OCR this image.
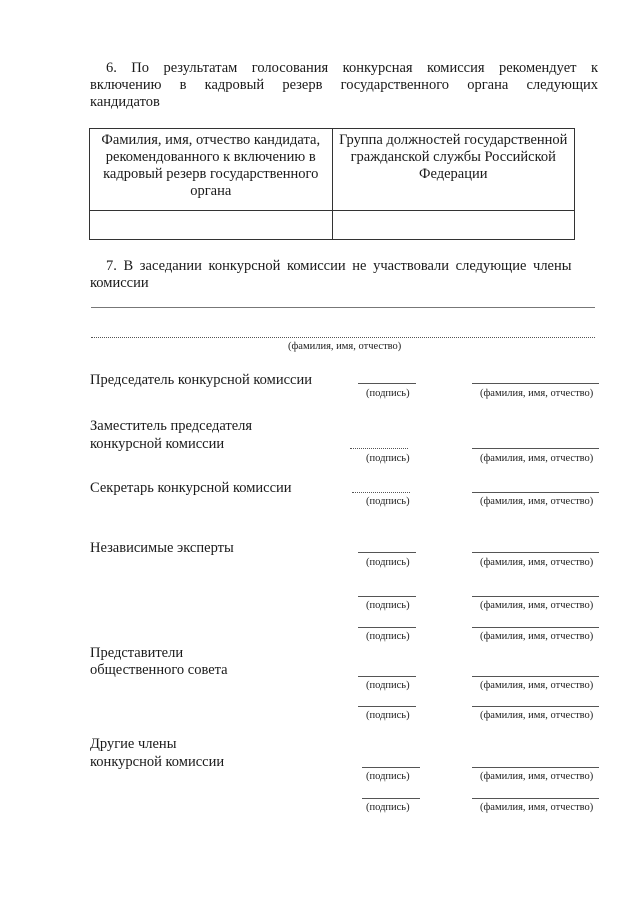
6. По результатам голосования конкурсная комиссия рекомендует к
включению в кадровый резерв государственного органа следующих
кандидатов
Фамилия, имя, отчество кандидата, рекомендованного к включению в кадровый резерв государственного органа	Группа должностей государственной гражданской службы Российской Федерации

7. В заседании конкурсной комиссии не участвовали следующие члены
комиссии
(фамилия, имя, отчество)
Председатель конкурсной комиссии
(подпись)	(фамилия, имя, отчество)
Заместитель председателя
конкурсной комиссии
(подпись)	(фамилия, имя, отчество)
Секретарь конкурсной комиссии
(подпись)	(фамилия, имя, отчество)
Независимые эксперты
(подпись)	(фамилия, имя, отчество)
(подпись)	(фамилия, имя, отчество)
(подпись)	(фамилия, имя, отчество)
Представители
общественного совета
(подпись)	(фамилия, имя, отчество)
(подпись)	(фамилия, имя, отчество)
Другие члены
конкурсной комиссии
(подпись)	(фамилия, имя, отчество)
(подпись)	(фамилия, имя, отчество)
